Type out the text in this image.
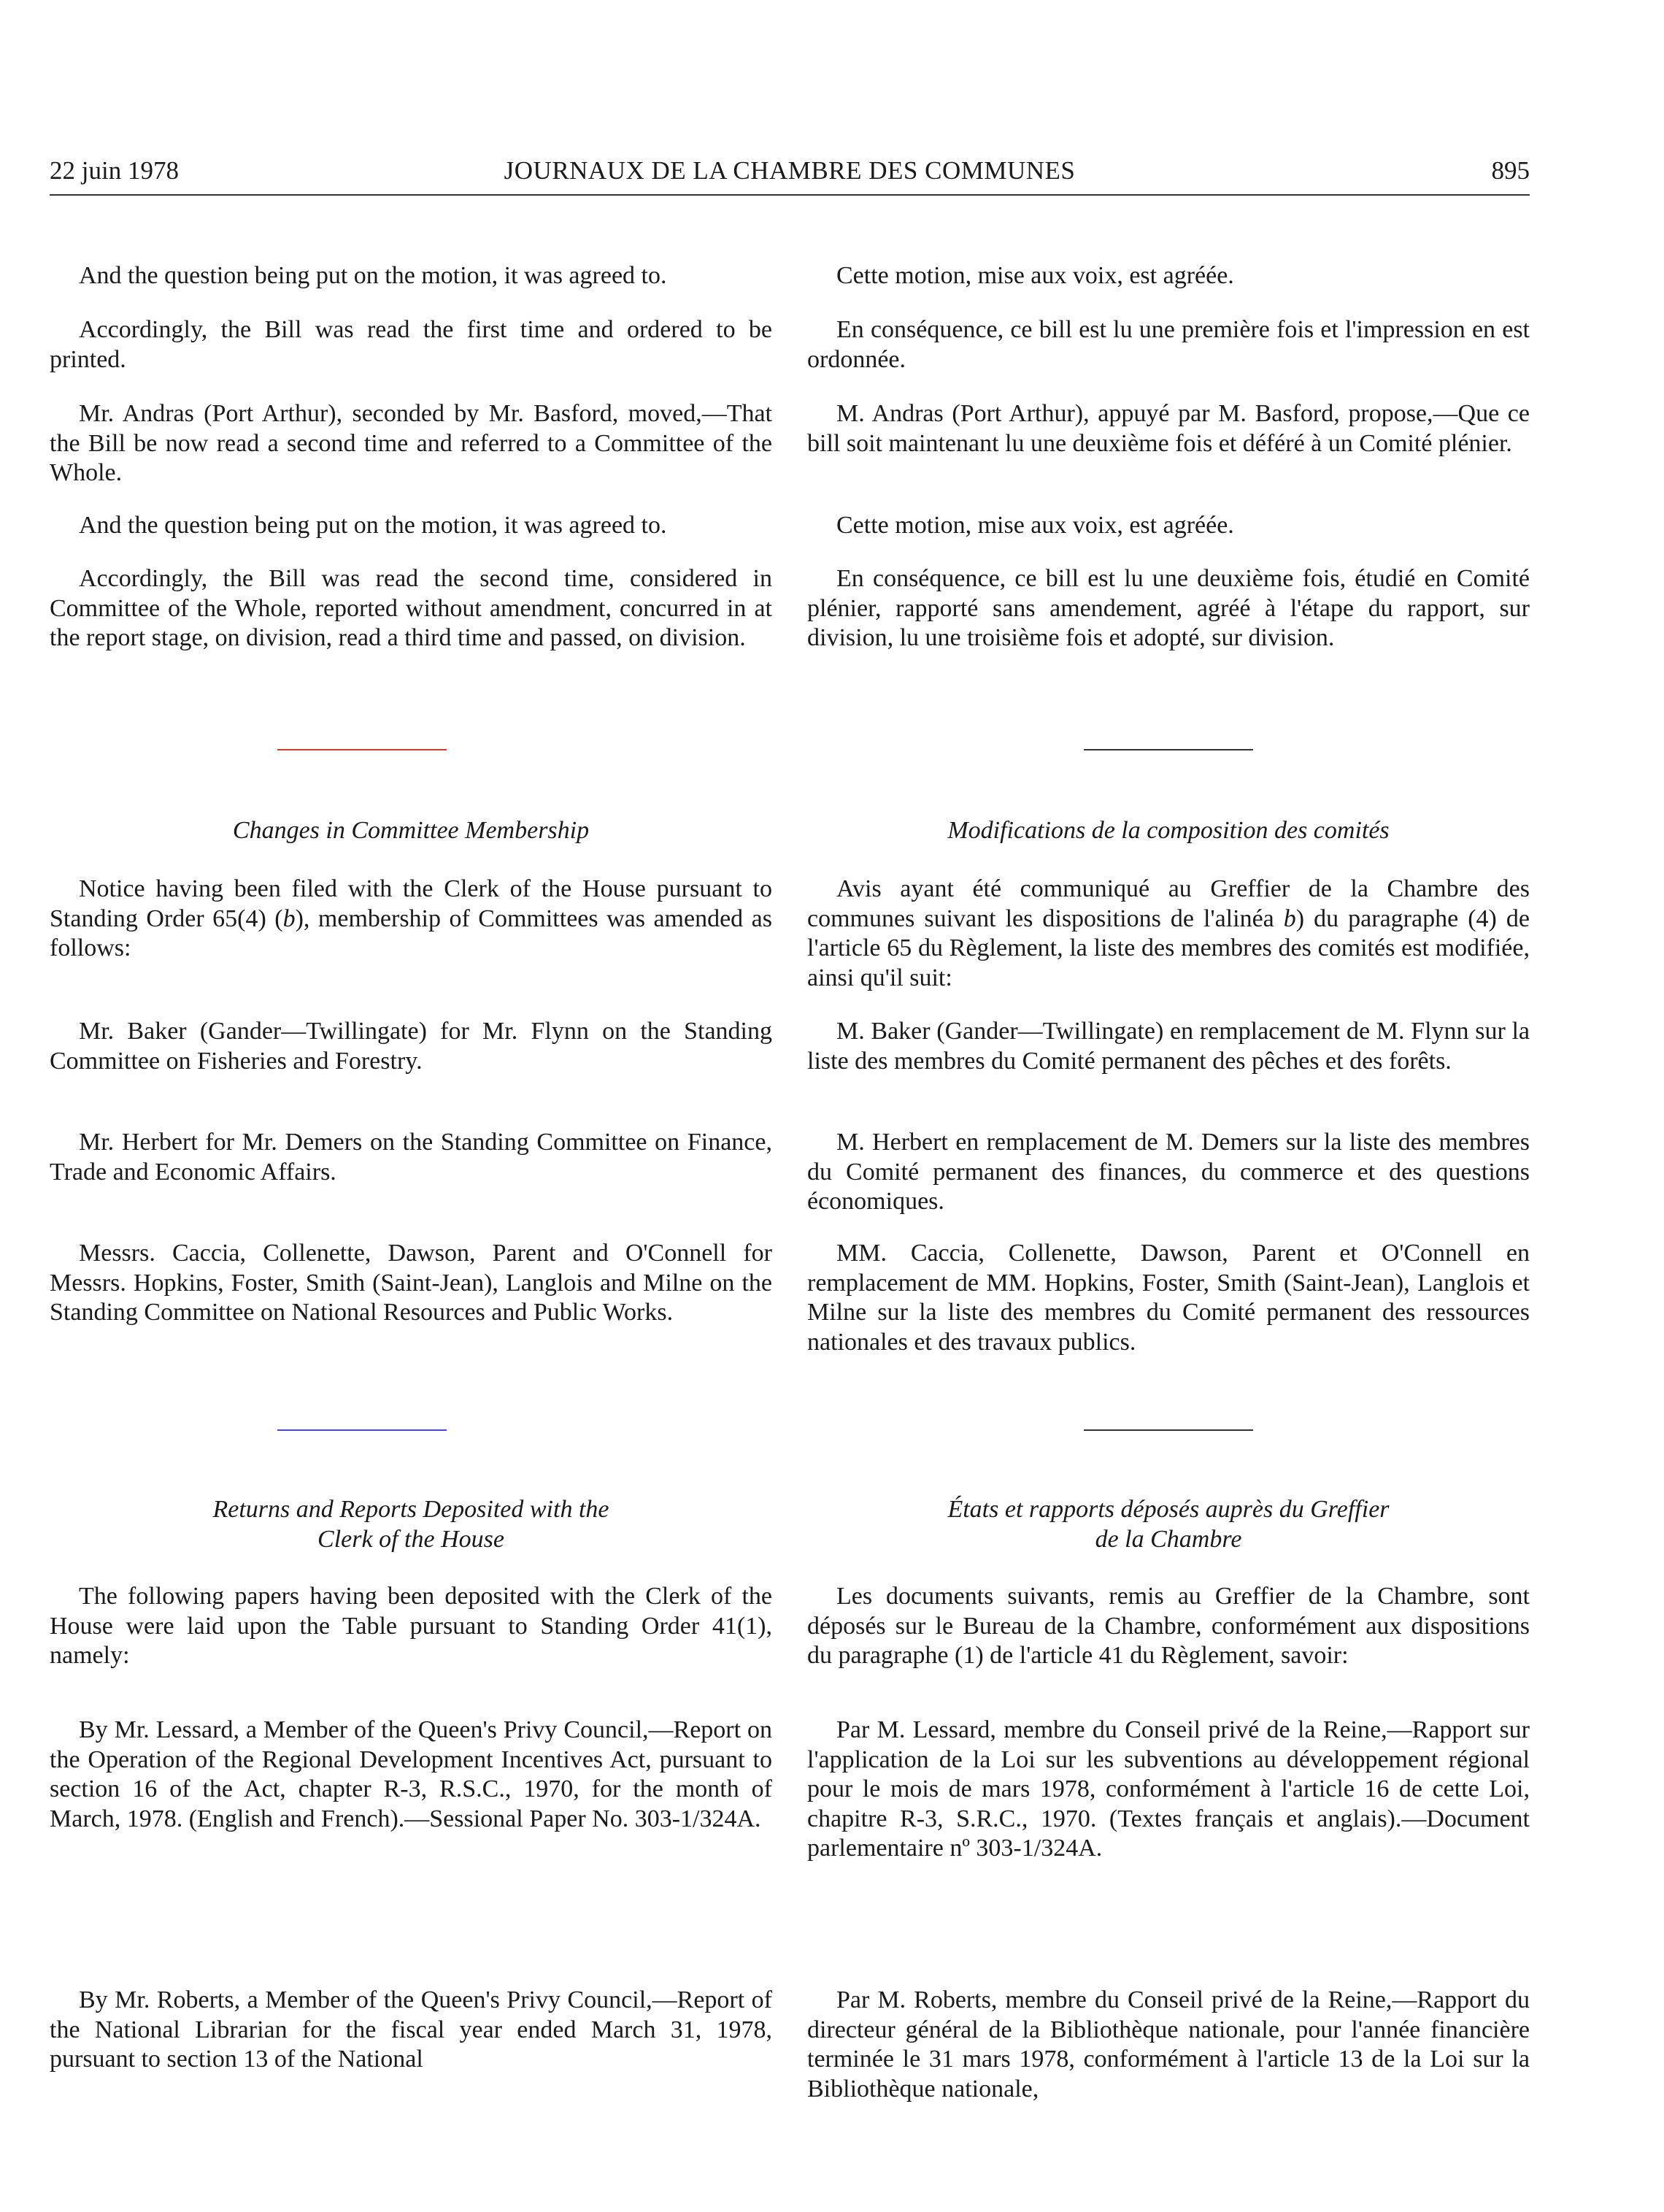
22 juin 1978	JOURNAUX DE LA CHAMBRE DES COMMUNES	895

And the question being put on the motion, it was agreed to.

Accordingly, the Bill was read the first time and ordered to be printed.

Mr. Andras (Port Arthur), seconded by Mr. Basford, moved,—That the Bill be now read a second time and referred to a Committee of the Whole.

And the question being put on the motion, it was agreed to.

Accordingly, the Bill was read the second time, considered in Committee of the Whole, reported without amendment, concurred in at the report stage, on division, read a third time and passed, on division.

Changes in Committee Membership

Notice having been filed with the Clerk of the House pursuant to Standing Order 65(4) (b), membership of Committees was amended as follows:

Mr. Baker (Gander—Twillingate) for Mr. Flynn on the Standing Committee on Fisheries and Forestry.

Mr. Herbert for Mr. Demers on the Standing Committee on Finance, Trade and Economic Affairs.

Messrs. Caccia, Collenette, Dawson, Parent and O'Connell for Messrs. Hopkins, Foster, Smith (Saint-Jean), Langlois and Milne on the Standing Committee on National Resources and Public Works.

Returns and Reports Deposited with the
Clerk of the House

The following papers having been deposited with the Clerk of the House were laid upon the Table pursuant to Standing Order 41(1), namely:

By Mr. Lessard, a Member of the Queen's Privy Council,—Report on the Operation of the Regional Development Incentives Act, pursuant to section 16 of the Act, chapter R-3, R.S.C., 1970, for the month of March, 1978. (English and French).—Sessional Paper No. 303-1/324A.

By Mr. Roberts, a Member of the Queen's Privy Council,—Report of the National Librarian for the fiscal year ended March 31, 1978, pursuant to section 13 of the National

Cette motion, mise aux voix, est agréée.

En conséquence, ce bill est lu une première fois et l'impression en est ordonnée.

M. Andras (Port Arthur), appuyé par M. Basford, propose,—Que ce bill soit maintenant lu une deuxième fois et déféré à un Comité plénier.

Cette motion, mise aux voix, est agréée.

En conséquence, ce bill est lu une deuxième fois, étudié en Comité plénier, rapporté sans amendement, agréé à l'étape du rapport, sur division, lu une troisième fois et adopté, sur division.

Modifications de la composition des comités

Avis ayant été communiqué au Greffier de la Chambre des communes suivant les dispositions de l'alinéa b) du paragraphe (4) de l'article 65 du Règlement, la liste des membres des comités est modifiée, ainsi qu'il suit:

M. Baker (Gander—Twillingate) en remplacement de M. Flynn sur la liste des membres du Comité permanent des pêches et des forêts.

M. Herbert en remplacement de M. Demers sur la liste des membres du Comité permanent des finances, du commerce et des questions économiques.

MM. Caccia, Collenette, Dawson, Parent et O'Connell en remplacement de MM. Hopkins, Foster, Smith (Saint-Jean), Langlois et Milne sur la liste des membres du Comité permanent des ressources nationales et des travaux publics.

États et rapports déposés auprès du Greffier
de la Chambre

Les documents suivants, remis au Greffier de la Chambre, sont déposés sur le Bureau de la Chambre, conformément aux dispositions du paragraphe (1) de l'article 41 du Règlement, savoir:

Par M. Lessard, membre du Conseil privé de la Reine,—Rapport sur l'application de la Loi sur les subventions au développement régional pour le mois de mars 1978, conformément à l'article 16 de cette Loi, chapitre R-3, S.R.C., 1970. (Textes français et anglais).—Document parlementaire nº 303-1/324A.

Par M. Roberts, membre du Conseil privé de la Reine,—Rapport du directeur général de la Bibliothèque nationale, pour l'année financière terminée le 31 mars 1978, conformément à l'article 13 de la Loi sur la Bibliothèque nationale,
